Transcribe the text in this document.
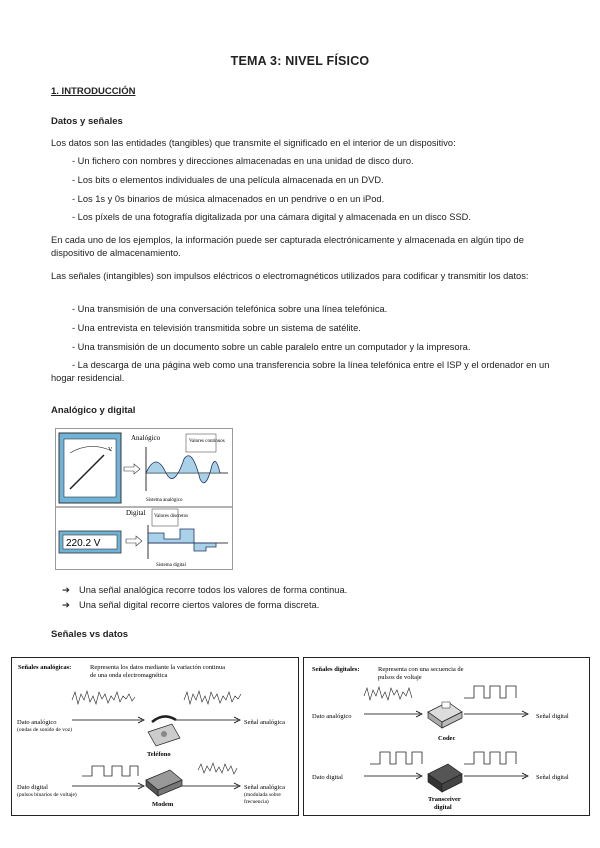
TEMA 3: NIVEL FÍSICO
1. INTRODUCCIÓN
Datos y señales
Los datos son las entidades (tangibles) que transmite el significado en el interior de un dispositivo:
- Un fichero con nombres y direcciones almacenadas en una unidad de disco duro.
- Los bits o elementos individuales de una película almacenada en un DVD.
- Los 1s y 0s binarios de música almacenados en un pendrive o en un iPod.
- Los píxels de una fotografía digitalizada por una cámara digital y almacenada en un disco SSD.
En cada uno de los ejemplos, la información puede ser capturada electrónicamente y almacenada en algún tipo de dispositivo de almacenamiento.
Las señales (intangibles) son impulsos eléctricos o electromagnéticos utilizados para codificar y transmitir los datos:
- Una transmisión de una conversación telefónica sobre una línea telefónica.
- Una entrevista en televisión transmitida sobre un sistema de satélite.
- Una transmisión de un documento sobre un cable paralelo entre un computador y la impresora.
- La descarga de una página web como una transferencia sobre la línea telefónica entre el ISP y el ordenador en un hogar residencial.
Analógico y digital
V
Analógico	Valores continuos
Sistema analógico
Digital Valores discretos
220.2 V
Sistema digital
➔ Una señal analógica recorre todos los valores de forma continua.
➔ Una señal digital recorre ciertos valores de forma discreta.
Señales vs datos
Señales analógicas:	Representa los datos mediante la variación continua
de una onda electromagnética
Dato analógico
(ondas de sonido de voz)
Señal analógica
Teléfono
Dato digital
(pulsos binarios de voltaje)
Señal analógica
(modulada sobre
frecuencia)
Modem
Señales digitales:	Representa con una secuencia de
pulsos de voltaje
Dato analógico	Señal digital
Codec
Dato digital	Señal digital
Transceiver
digital
